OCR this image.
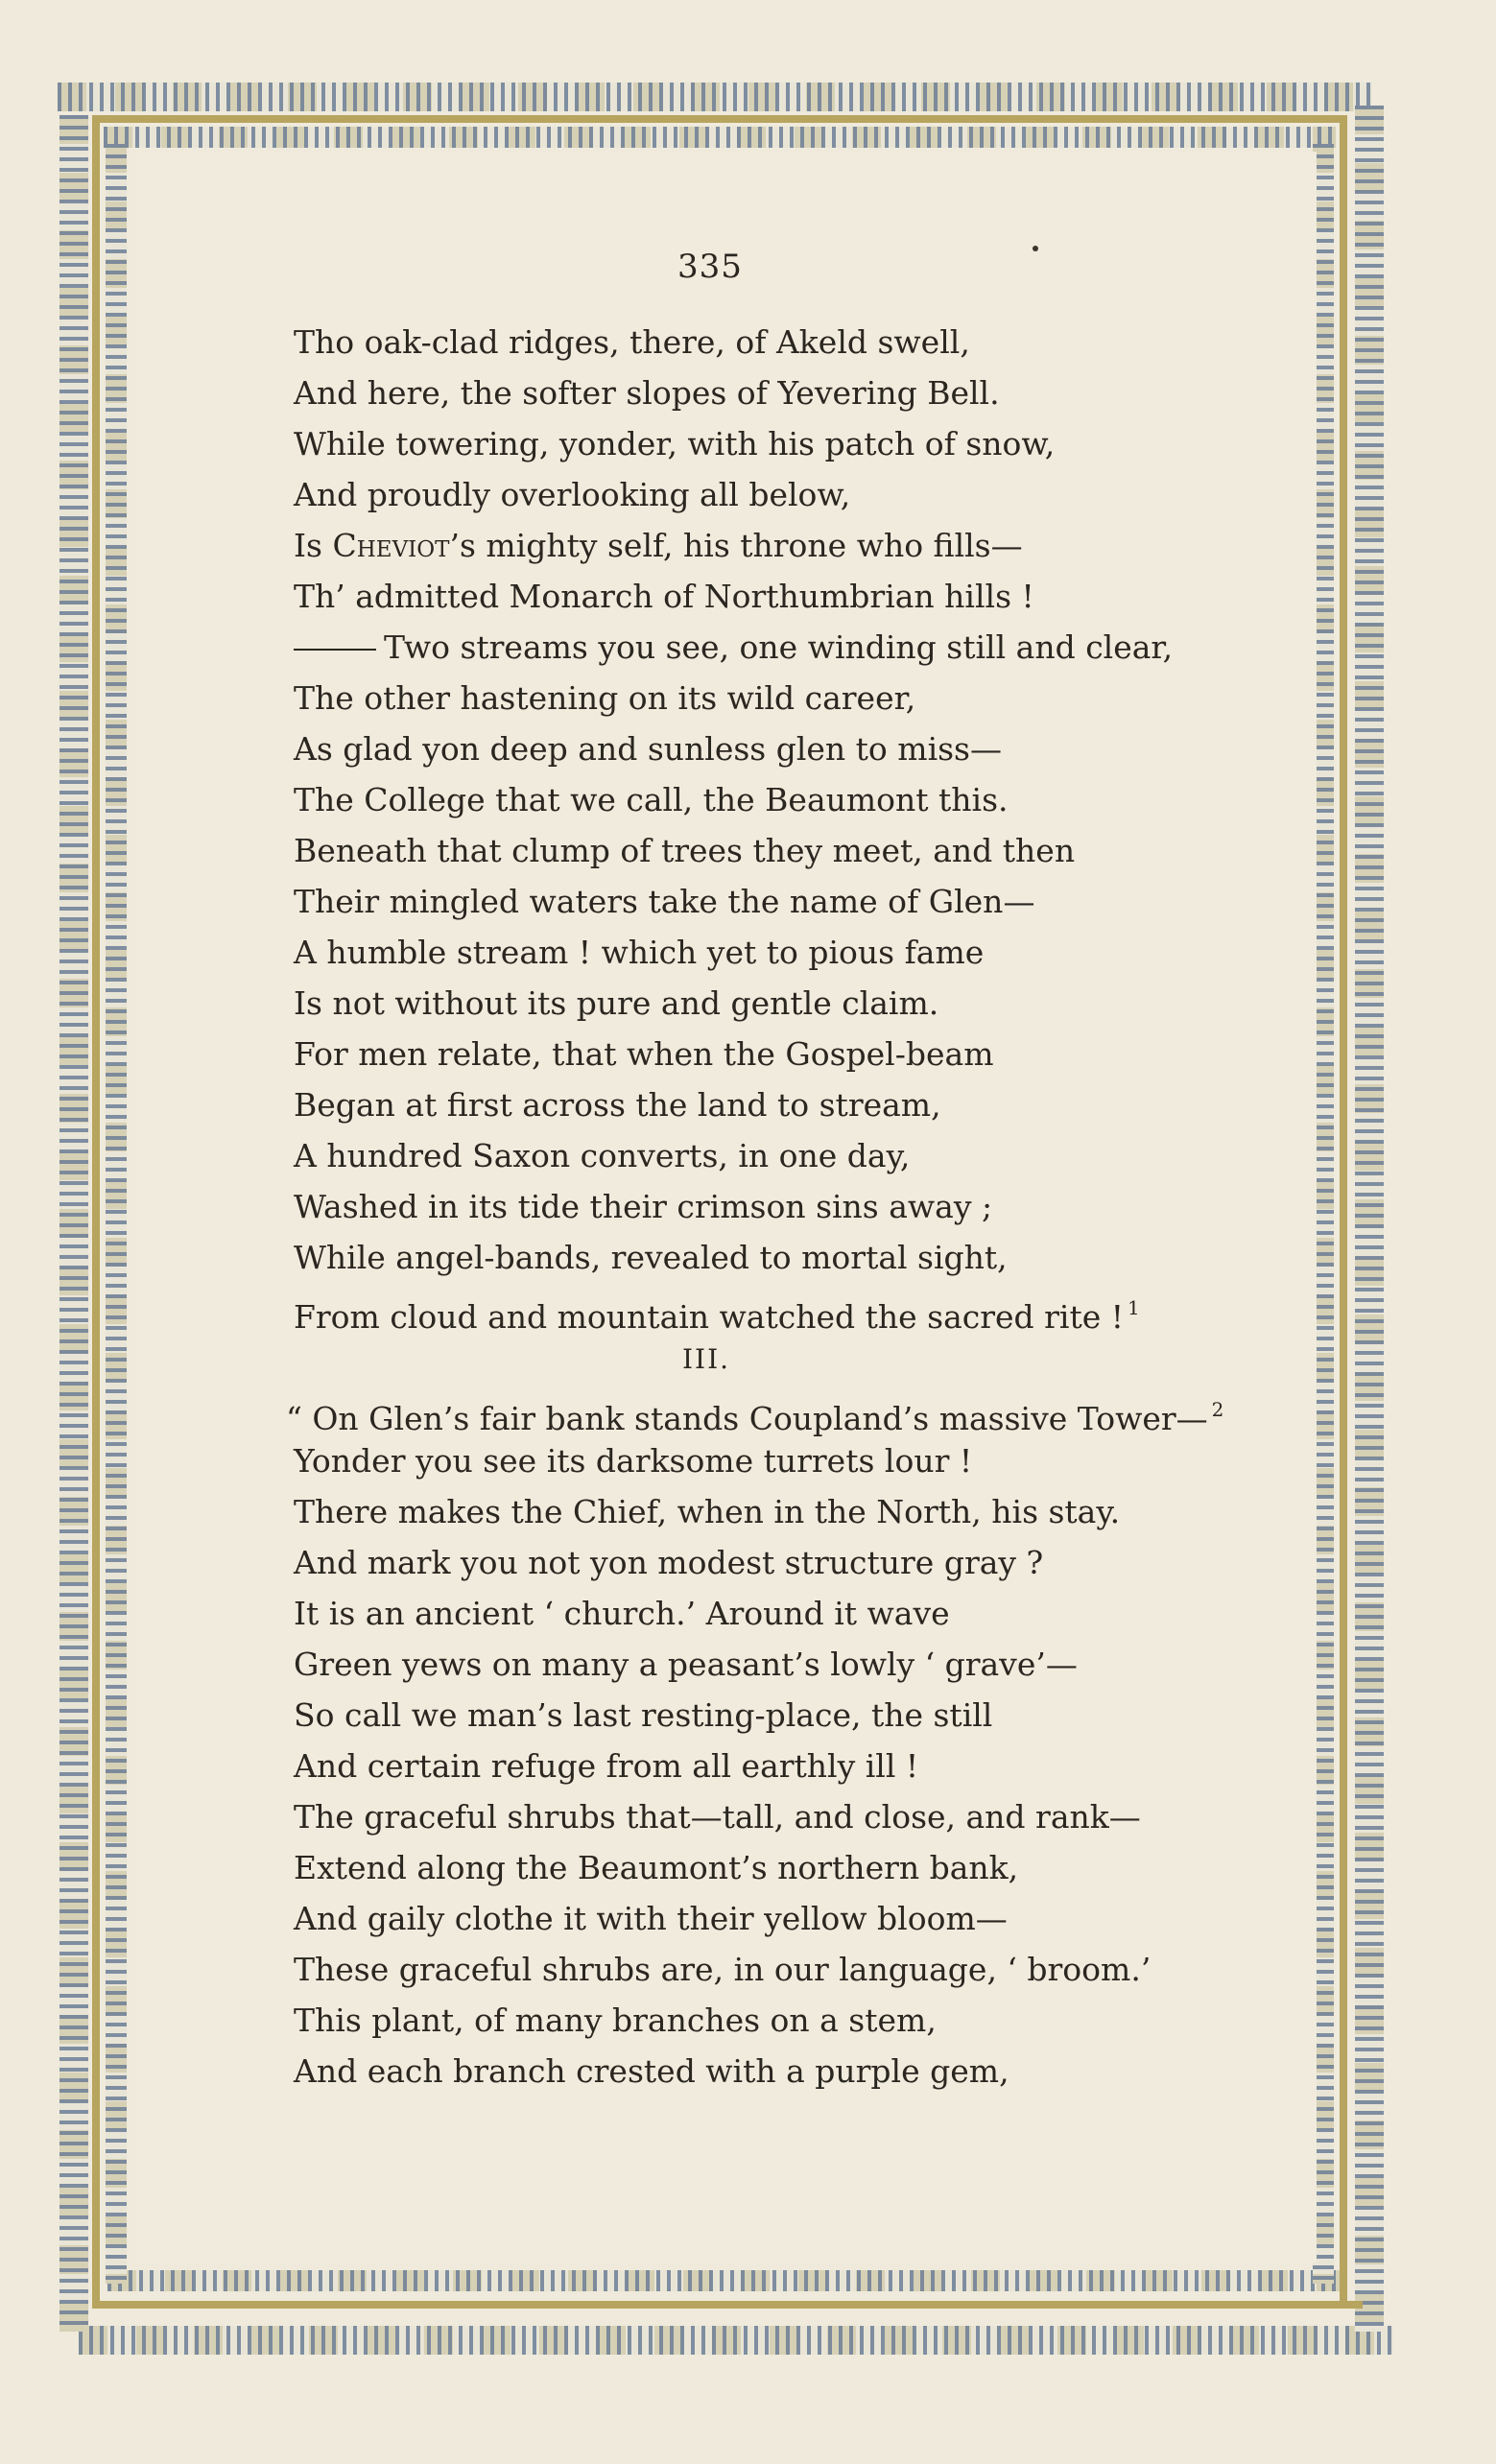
335
Tho oak-clad ridges, there, of Akeld swell,
And here, the softer slopes of Yevering Bell.
While towering, yonder, with his patch of snow,
And proudly overlooking all below,
Is Cheviot’s mighty self, his throne who fills—
Th’ admitted Monarch of Northumbrian hills !
Two streams you see, one winding still and clear,
The other hastening on its wild career,
As glad yon deep and sunless glen to miss—
The College that we call, the Beaumont this.
Beneath that clump of trees they meet, and then
Their mingled waters take the name of Glen—
A humble stream ! which yet to pious fame
Is not without its pure and gentle claim.
For men relate, that when the Gospel-beam
Began at first across the land to stream,
A hundred Saxon converts, in one day,
Washed in its tide their crimson sins away ;
While angel-bands, revealed to mortal sight,
From cloud and mountain watched the sacred rite ! $^1$
III.
“ On Glen’s fair bank stands Coupland’s massive Tower— $^2$
Yonder you see its darksome turrets lour !
There makes the Chief, when in the North, his stay.
And mark you not yon modest structure gray ?
It is an ancient ‘ church.’ Around it wave
Green yews on many a peasant’s lowly ‘ grave’—
So call we man’s last resting-place, the still
And certain refuge from all earthly ill !
The graceful shrubs that—tall, and close, and rank—
Extend along the Beaumont’s northern bank,
And gaily clothe it with their yellow bloom—
These graceful shrubs are, in our language, ‘ broom.’
This plant, of many branches on a stem,
And each branch crested with a purple gem,
